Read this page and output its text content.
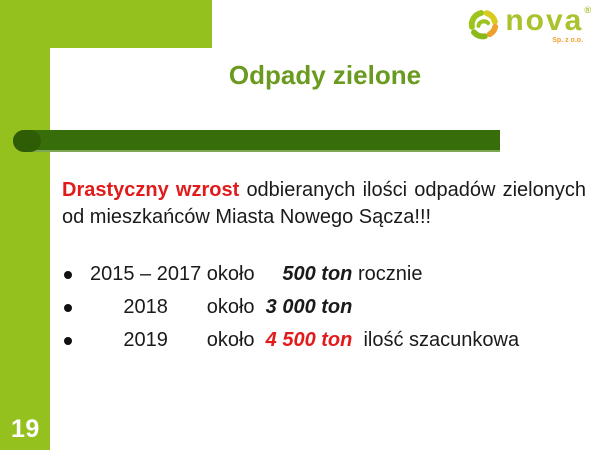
19
nova ®
Sp. z o.o.
Odpady zielone
Drastyczny wzrost odbieranych ilości odpadów zielonych
od mieszkańców Miasta Nowego Sącza!!!
2015 – 2017 około     500 ton rocznie
2018       około  3 000 ton
2019       około  4 500 ton  ilość szacunkowa
